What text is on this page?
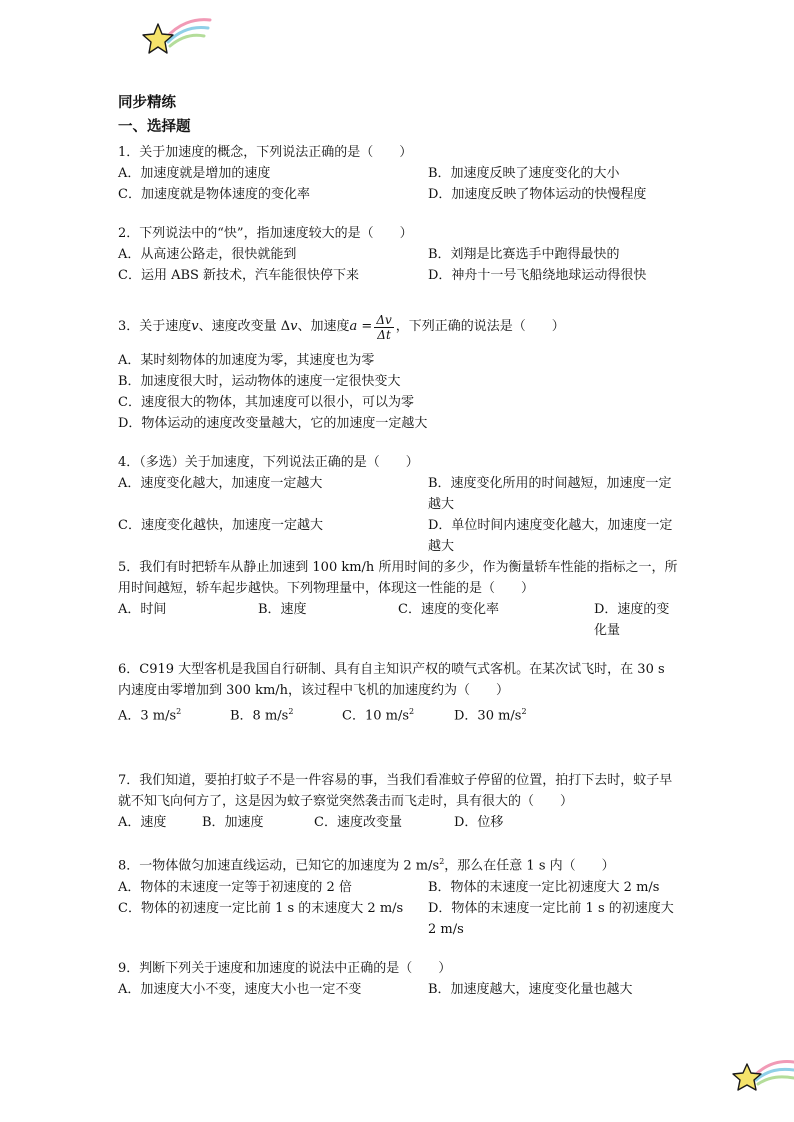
同步精练
一、选择题
1．关于加速度的概念，下列说法正确的是（　　）
A．加速度就是增加的速度	B．加速度反映了速度变化的大小
C．加速度就是物体速度的变化率	D．加速度反映了物体运动的快慢程度
2．下列说法中的“快”，指加速度较大的是（　　）
A．从高速公路走，很快就能到	B．刘翔是比赛选手中跑得最快的
C．运用 ABS 新技术，汽车能很快停下来	D．神舟十一号飞船绕地球运动得很快
3．关于速度 v 、速度改变量 Δ v 、加速度 $a = \frac{\Delta v}{\Delta t}$ ，下列正确的说法是（　　）
A．某时刻物体的加速度为零，其速度也为零
B．加速度很大时，运动物体的速度一定很快变大
C．速度很大的物体，其加速度可以很小，可以为零
D．物体运动的速度改变量越大，它的加速度一定越大
4．（多选）关于加速度，下列说法正确的是（　　）
A．速度变化越大，加速度一定越大	B．速度变化所用的时间越短，加速度一定越大
C．速度变化越快，加速度一定越大	D．单位时间内速度变化越大，加速度一定越大
5．我们有时把轿车从静止加速到 100 km/h 所用时间的多少，作为衡量轿车性能的指标之一，所用时间越短，轿车起步越快。下列物理量中，体现这一性能的是（　　）
A．时间	B．速度	C．速度的变化率	D．速度的变化量
6．C919 大型客机是我国自行研制、具有自主知识产权的喷气式客机。在某次试飞时，在 30 s 内速度由零增加到 300 km/h，该过程中飞机的加速度约为（　　）
A．3 $m/s^2$	B．8 $m/s^2$	C．10 $m/s^2$	D．30 $m/s^2$
7．我们知道，要拍打蚊子不是一件容易的事，当我们看准蚊子停留的位置，拍打下去时，蚊子早就不知飞向何方了，这是因为蚊子察觉突然袭击而飞走时，具有很大的（　　）
A．速度	B．加速度	C．速度改变量	D．位移
8．一物体做匀加速直线运动，已知它的加速度为 2 $m/s^2$，那么在任意 1 s 内（　　）
A．物体的末速度一定等于初速度的 2 倍	B．物体的末速度一定比初速度大 2 m/s
C．物体的初速度一定比前 1 s 的末速度大 2 m/s	D．物体的末速度一定比前 1 s 的初速度大 2 m/s
9．判断下列关于速度和加速度的说法中正确的是（　　）
A．加速度大小不变，速度大小也一定不变	B．加速度越大，速度变化量也越大
